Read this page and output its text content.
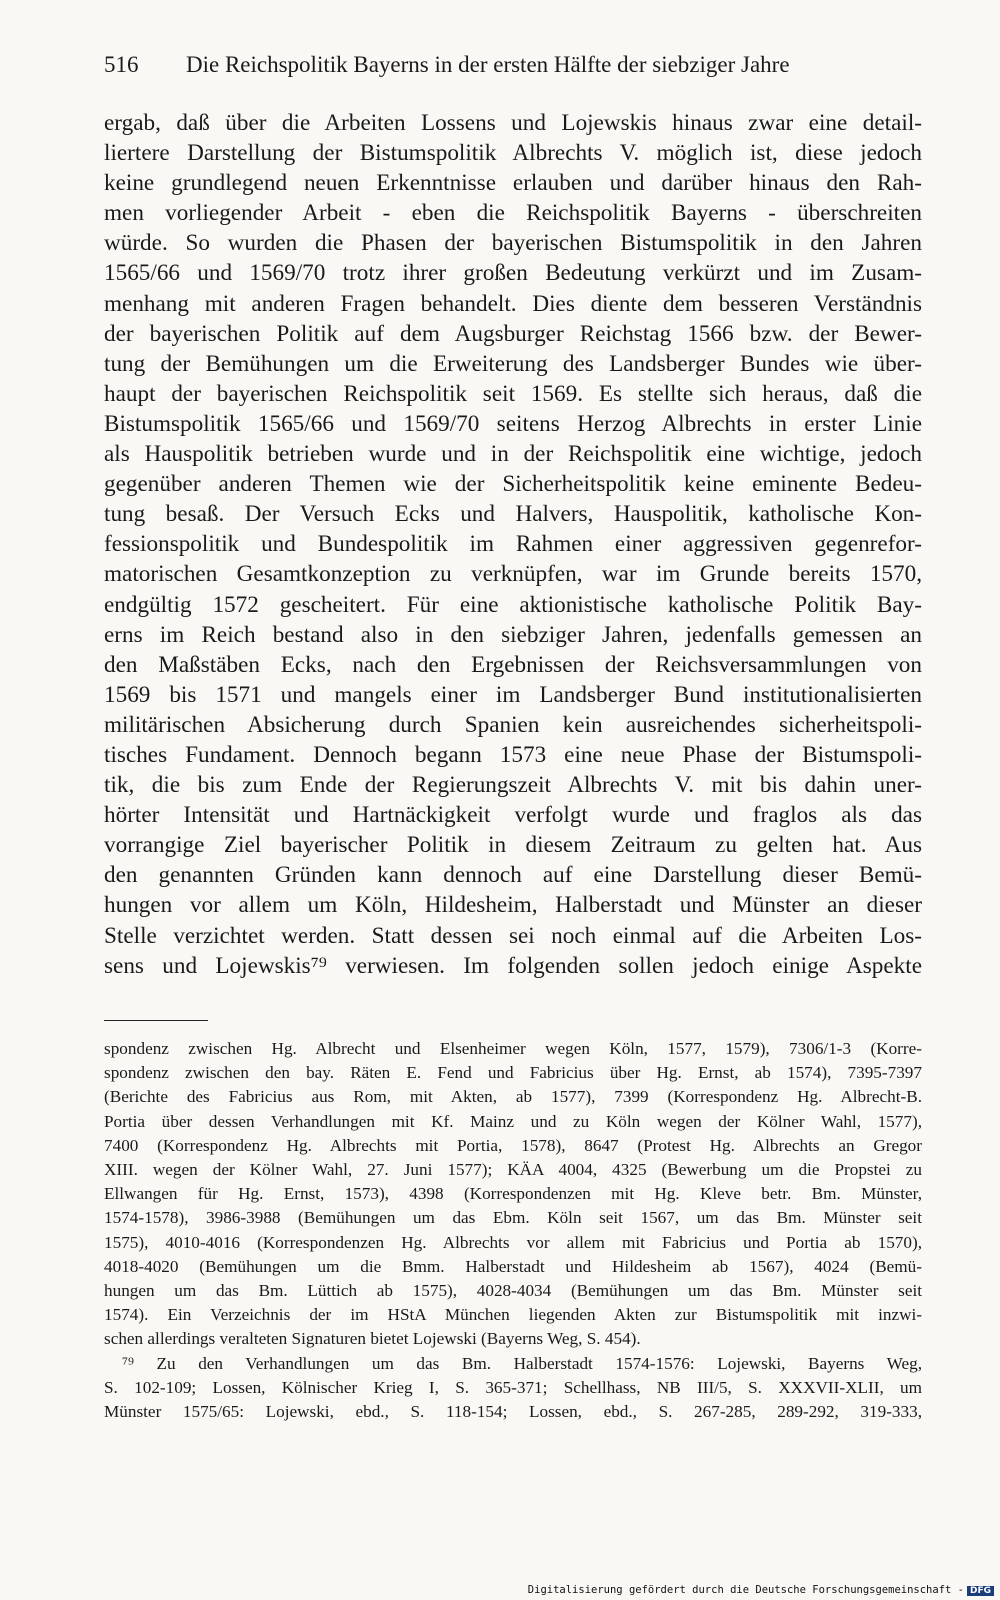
516 Die Reichspolitik Bayerns in der ersten Hälfte der siebziger Jahre
ergab, daß über die Arbeiten Lossens und Lojewskis hinaus zwar eine detail-
liertere Darstellung der Bistumspolitik Albrechts V. möglich ist, diese jedoch
keine grundlegend neuen Erkenntnisse erlauben und darüber hinaus den Rah-
men vorliegender Arbeit - eben die Reichspolitik Bayerns - überschreiten
würde. So wurden die Phasen der bayerischen Bistumspolitik in den Jahren
1565/66 und 1569/70 trotz ihrer großen Bedeutung verkürzt und im Zusam-
menhang mit anderen Fragen behandelt. Dies diente dem besseren Verständnis
der bayerischen Politik auf dem Augsburger Reichstag 1566 bzw. der Bewer-
tung der Bemühungen um die Erweiterung des Landsberger Bundes wie über-
haupt der bayerischen Reichspolitik seit 1569. Es stellte sich heraus, daß die
Bistumspolitik 1565/66 und 1569/70 seitens Herzog Albrechts in erster Linie
als Hauspolitik betrieben wurde und in der Reichspolitik eine wichtige, jedoch
gegenüber anderen Themen wie der Sicherheitspolitik keine eminente Bedeu-
tung besaß. Der Versuch Ecks und Halvers, Hauspolitik, katholische Kon-
fessionspolitik und Bundespolitik im Rahmen einer aggressiven gegenrefor-
matorischen Gesamtkonzeption zu verknüpfen, war im Grunde bereits 1570,
endgültig 1572 gescheitert. Für eine aktionistische katholische Politik Bay-
erns im Reich bestand also in den siebziger Jahren, jedenfalls gemessen an
den Maßstäben Ecks, nach den Ergebnissen der Reichsversammlungen von
1569 bis 1571 und mangels einer im Landsberger Bund institutionalisierten
militärischen Absicherung durch Spanien kein ausreichendes sicherheitspoli-
tisches Fundament. Dennoch begann 1573 eine neue Phase der Bistumspoli-
tik, die bis zum Ende der Regierungszeit Albrechts V. mit bis dahin uner-
hörter Intensität und Hartnäckigkeit verfolgt wurde und fraglos als das
vorrangige Ziel bayerischer Politik in diesem Zeitraum zu gelten hat. Aus
den genannten Gründen kann dennoch auf eine Darstellung dieser Bemü-
hungen vor allem um Köln, Hildesheim, Halberstadt und Münster an dieser
Stelle verzichtet werden. Statt dessen sei noch einmal auf die Arbeiten Los-
sens und Lojewskis⁷⁹ verwiesen. Im folgenden sollen jedoch einige Aspekte
spondenz zwischen Hg. Albrecht und Elsenheimer wegen Köln, 1577, 1579), 7306/1-3 (Korre-
spondenz zwischen den bay. Räten E. Fend und Fabricius über Hg. Ernst, ab 1574), 7395-7397
(Berichte des Fabricius aus Rom, mit Akten, ab 1577), 7399 (Korrespondenz Hg. Albrecht-B.
Portia über dessen Verhandlungen mit Kf. Mainz und zu Köln wegen der Kölner Wahl, 1577),
7400 (Korrespondenz Hg. Albrechts mit Portia, 1578), 8647 (Protest Hg. Albrechts an Gregor
XIII. wegen der Kölner Wahl, 27. Juni 1577); KÄA 4004, 4325 (Bewerbung um die Propstei zu
Ellwangen für Hg. Ernst, 1573), 4398 (Korrespondenzen mit Hg. Kleve betr. Bm. Münster,
1574-1578), 3986-3988 (Bemühungen um das Ebm. Köln seit 1567, um das Bm. Münster seit
1575), 4010-4016 (Korrespondenzen Hg. Albrechts vor allem mit Fabricius und Portia ab 1570),
4018-4020 (Bemühungen um die Bmm. Halberstadt und Hildesheim ab 1567), 4024 (Bemü-
hungen um das Bm. Lüttich ab 1575), 4028-4034 (Bemühungen um das Bm. Münster seit
1574). Ein Verzeichnis der im HStA München liegenden Akten zur Bistumspolitik mit inzwi-
schen allerdings veralteten Signaturen bietet Lojewski (Bayerns Weg, S. 454).
⁷⁹ Zu den Verhandlungen um das Bm. Halberstadt 1574-1576: Lojewski, Bayerns Weg,
S. 102-109; Lossen, Kölnischer Krieg I, S. 365-371; Schellhass, NB III/5, S. XXXVII-XLII, um
Münster 1575/65: Lojewski, ebd., S. 118-154; Lossen, ebd., S. 267-285, 289-292, 319-333,
Digitalisierung gefördert durch die Deutsche Forschungsgemeinschaft - DFG
